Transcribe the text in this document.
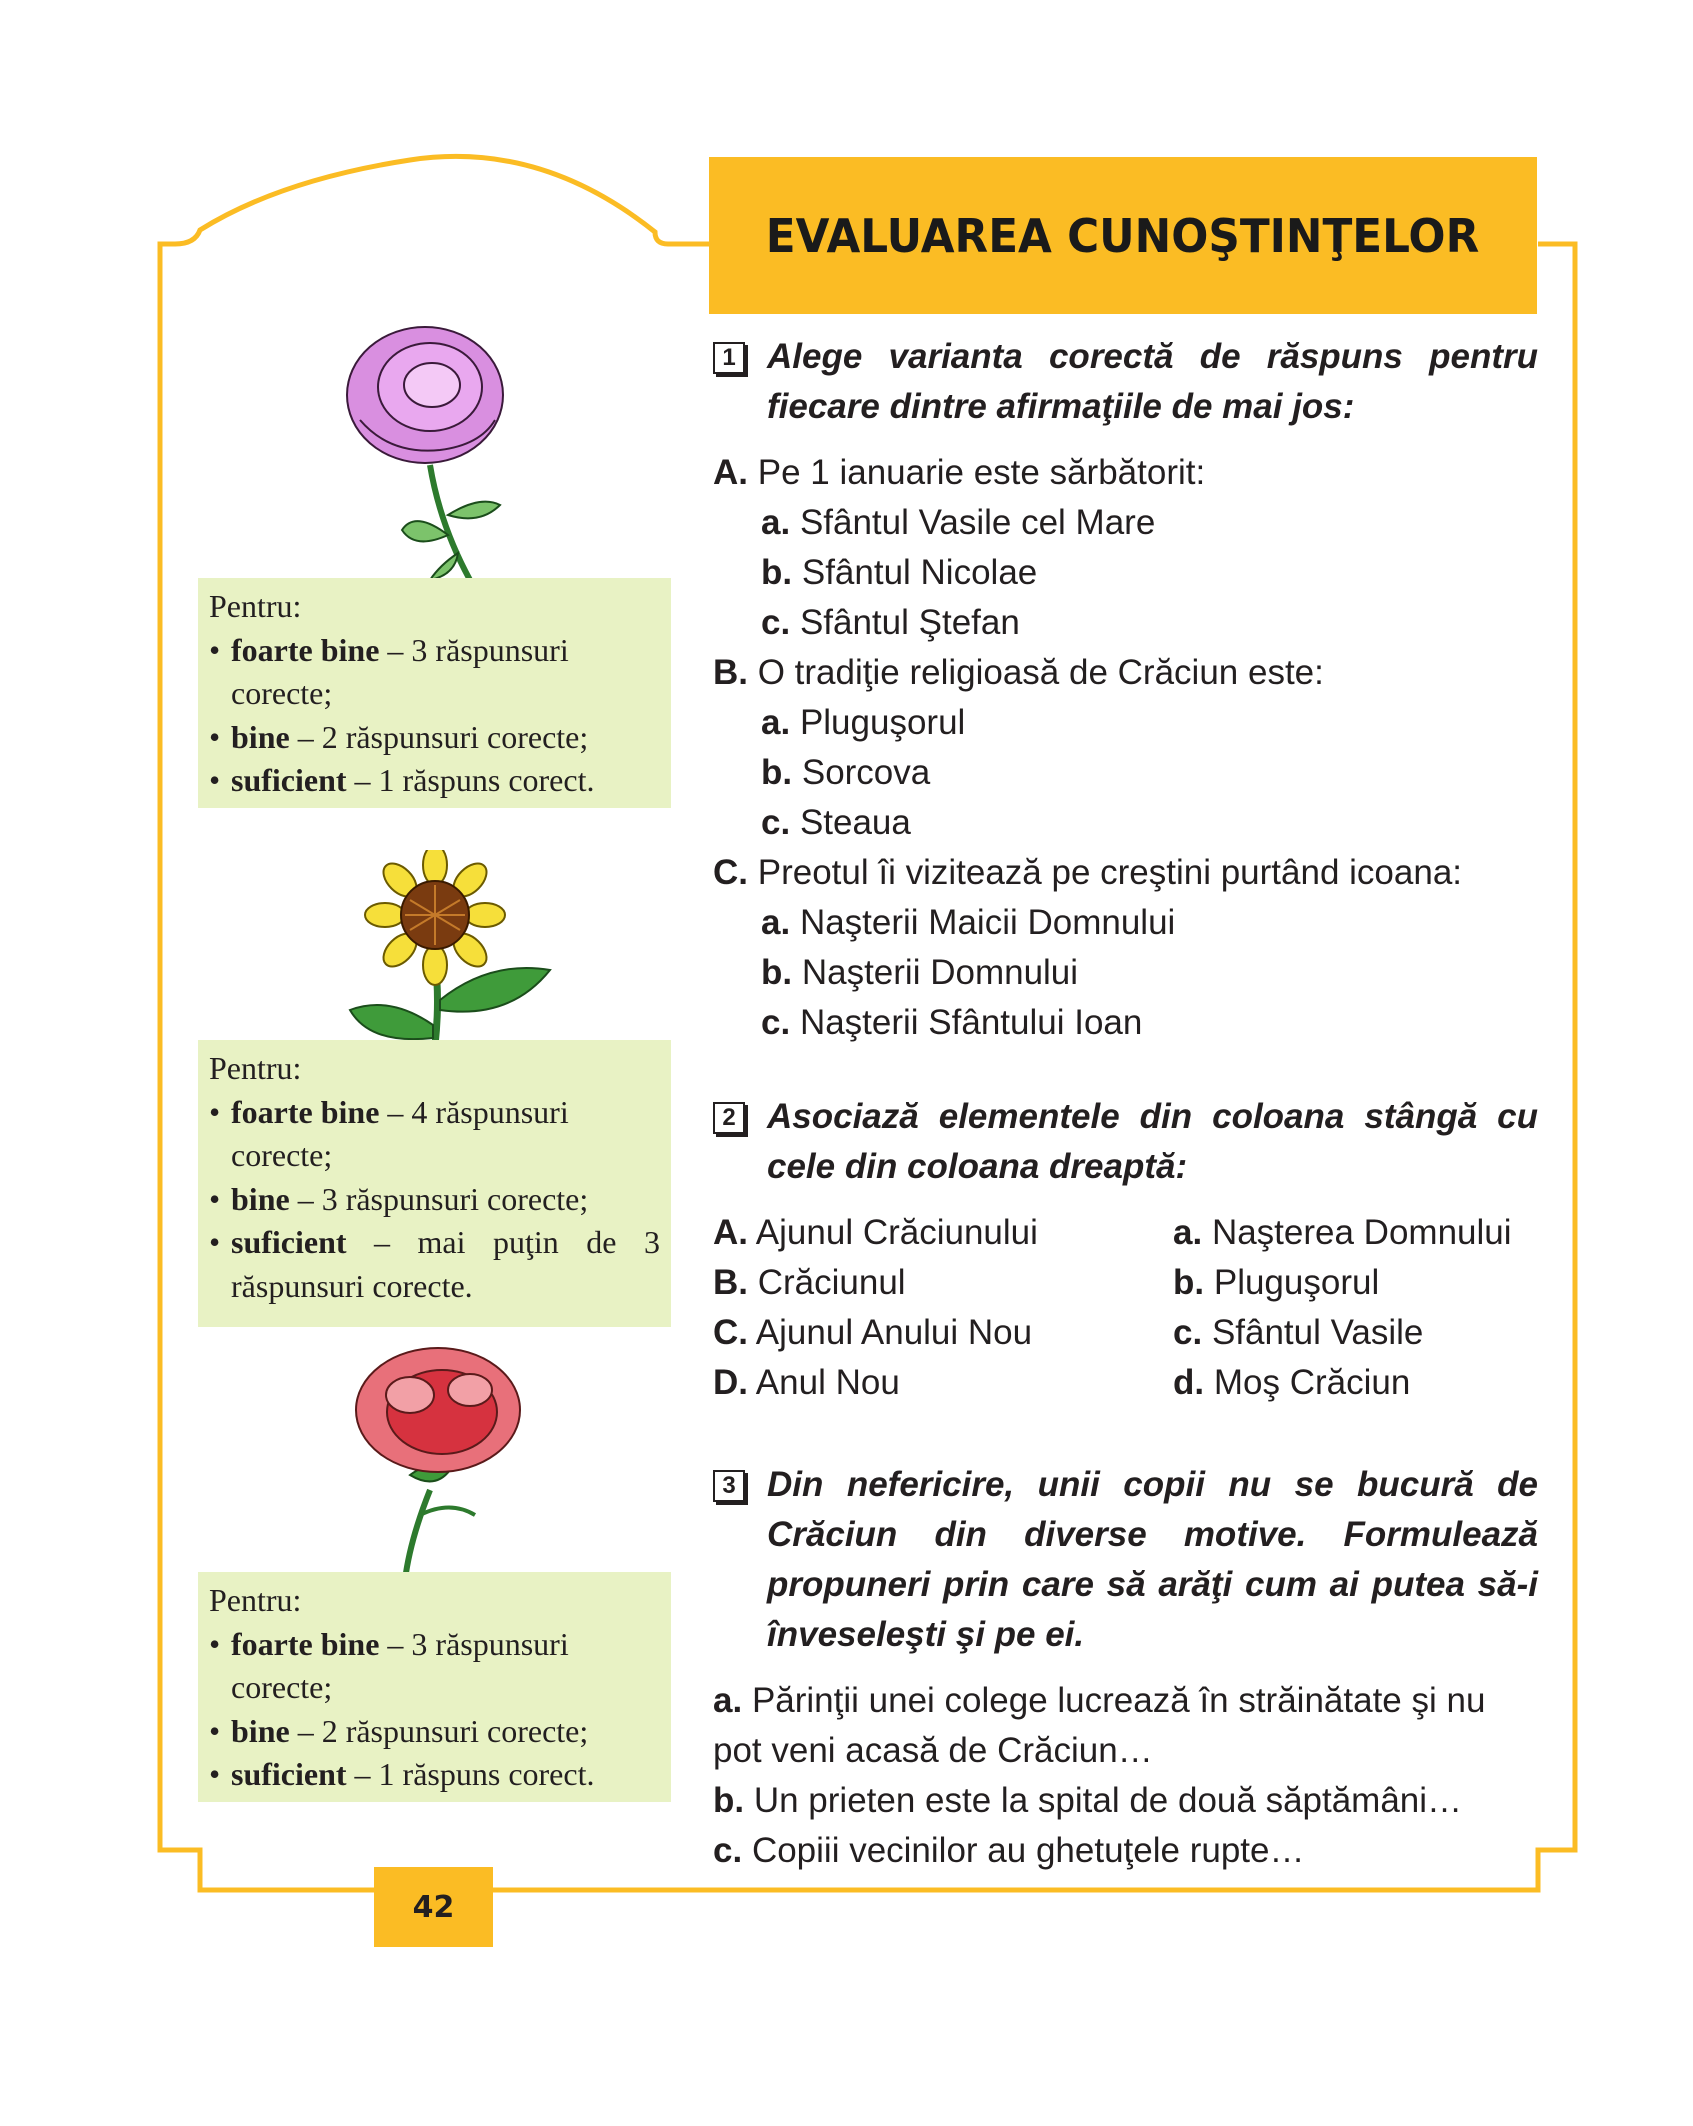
EVALUAREA CUNOŞTINŢELOR
Pentru:
• foarte bine – 3 răspunsuri corecte;
• bine – 2 răspunsuri corecte;
• suficient – 1 răspuns corect.
Pentru:
• foarte bine – 4 răspunsuri corecte;
• bine – 3 răspunsuri corecte;
• suficient – mai puţin de 3 răspunsuri corecte.
Pentru:
• foarte bine – 3 răspunsuri corecte;
• bine – 2 răspunsuri corecte;
• suficient – 1 răspuns corect.
1 Alege varianta corectă de răspuns pentru fiecare dintre afirmaţiile de mai jos:
A. Pe 1 ianuarie este sărbătorit:
a. Sfântul Vasile cel Mare
b. Sfântul Nicolae
c. Sfântul Ştefan
B. O tradiţie religioasă de Crăciun este:
a. Pluguşorul
b. Sorcova
c. Steaua
C. Preotul îi vizitează pe creştini purtând icoana:
a. Naşterii Maicii Domnului
b. Naşterii Domnului
c. Naşterii Sfântului Ioan
2 Asociază elementele din coloana stângă cu cele din coloana dreaptă:
A. Ajunul Crăciunului	a. Naşterea Domnului
B. Crăciunul	b. Pluguşorul
C. Ajunul Anului Nou	c. Sfântul Vasile
D. Anul Nou	d. Moş Crăciun
3 Din nefericire, unii copii nu se bucură de Crăciun din diverse motive. Formulează propuneri prin care să arăţi cum ai putea să-i înveseleşti şi pe ei.
a. Părinţii unei colege lucrează în străinătate şi nu pot veni acasă de Crăciun…
b. Un prieten este la spital de două săptămâni…
c. Copiii vecinilor au ghetuţele rupte…
42
